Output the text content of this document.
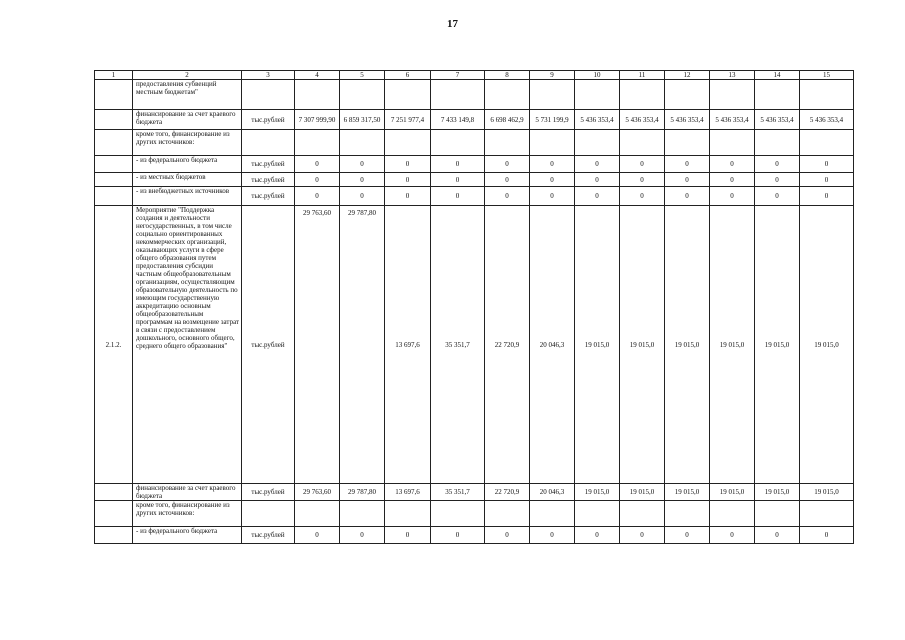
17
1	2	3	4	5	6	7	8	9	10	11	12	13	14	15
	предоставления субвенций местным бюджетам"													
	финансирование за счет краевого бюджета	тыс.рублей	7 307 999,90	6 859 317,50	7 251 977,4	7 433 149,8	6 698 462,9	5 731 199,9	5 436 353,4	5 436 353,4	5 436 353,4	5 436 353,4	5 436 353,4	5 436 353,4
	кроме того, финансирование из других источников:													
	- из федерального бюджета	тыс.рублей	0	0	0	0	0	0	0	0	0	0	0	0
	- из местных бюджетов	тыс.рублей	0	0	0	0	0	0	0	0	0	0	0	0
	- из внебюджетных источников	тыс.рублей	0	0	0	0	0	0	0	0	0	0	0	0
2.1.2.	Мероприятие "Поддержка создания и деятельности негосударственных, в том числе социально ориентированных некоммерческих организаций, оказывающих услуги в сфере общего образования путем предоставления субсидии частным общеобразовательным организациям, осуществляющим образовательную деятельность по имеющим государственную аккредитацию основным общеобразовательным программам на возмещение затрат в связи с предоставлением дошкольного, основного общего, среднего общего образования"	тыс.рублей	29 763,60	29 787,80	13 697,6	35 351,7	22 720,9	20 046,3	19 015,0	19 015,0	19 015,0	19 015,0	19 015,0	19 015,0
	финансирование за счет краевого бюджета	тыс.рублей	29 763,60	29 787,80	13 697,6	35 351,7	22 720,9	20 046,3	19 015,0	19 015,0	19 015,0	19 015,0	19 015,0	19 015,0
	кроме того, финансирование из других источников:													
	- из федерального бюджета	тыс.рублей	0	0	0	0	0	0	0	0	0	0	0	0
